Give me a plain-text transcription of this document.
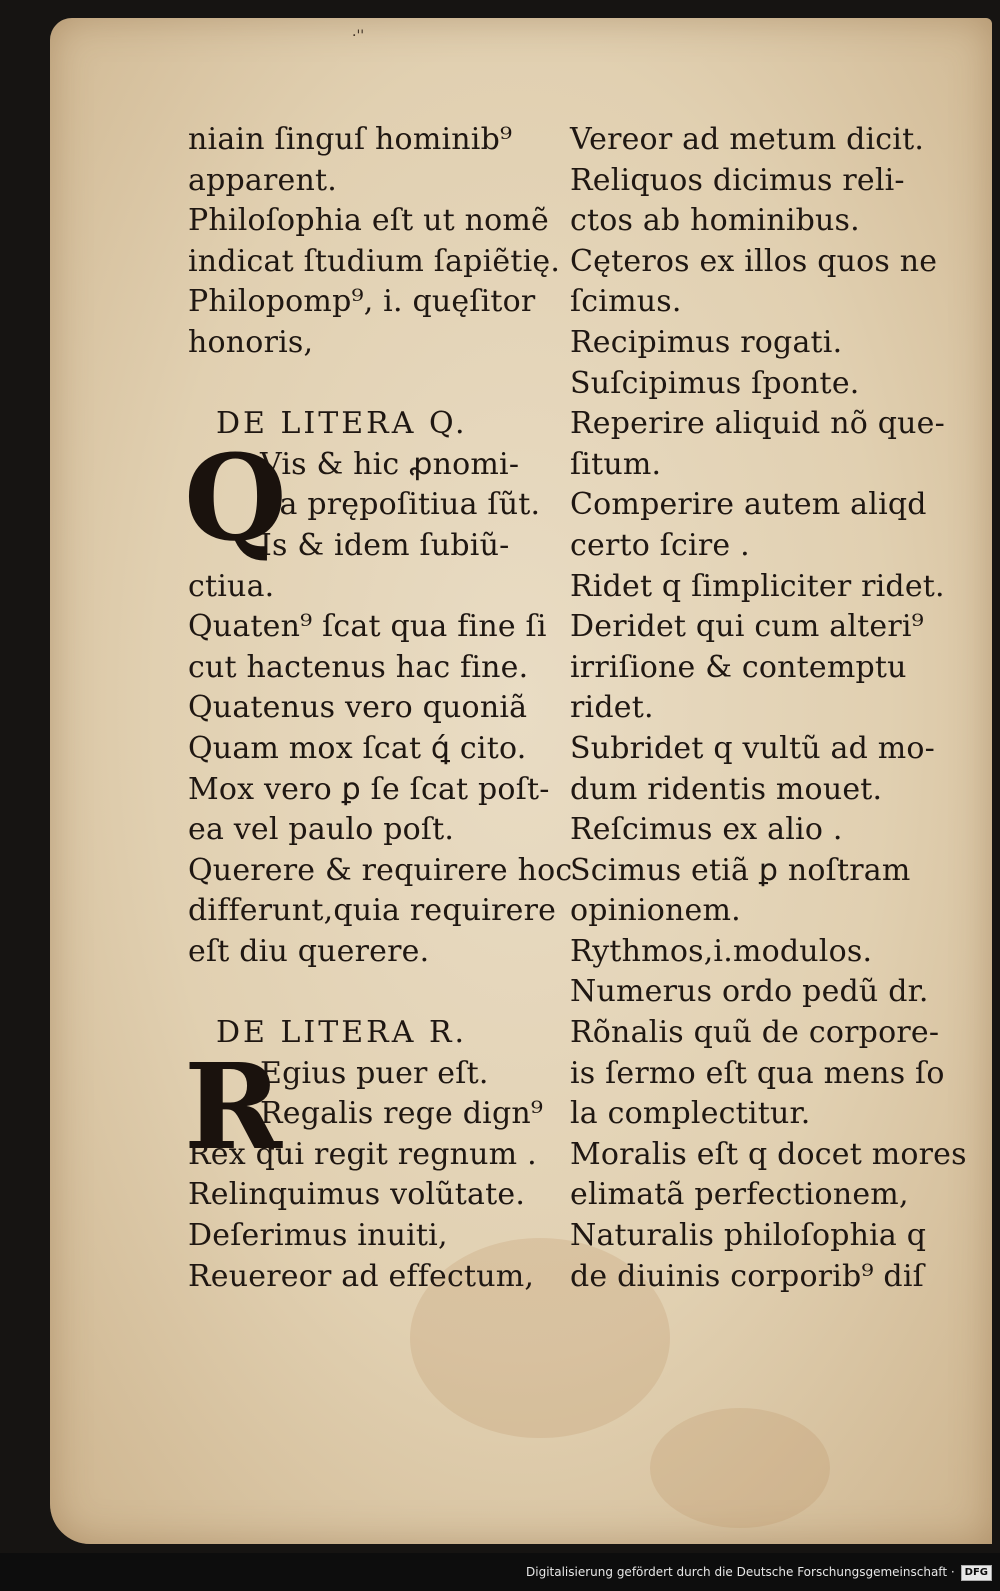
·''
niain ſinguſ hominib⁹
apparent.
Philoſophia eſt ut nomẽ
indicat ſtudium ſapiẽtię.
Philopomp⁹, i. quęſitor
honoris,
DE LITERA Q.
Q
Vis & hic ꝓnomi‑
na prępoſitiua ſũt.
Is & idem ſubiũ‑
ctiua.
Quaten⁹ ſcat qua fine ſi
cut hactenus hac fine.
Quatenus vero quoniã
Quam mox ſcat ꝗ́ cito.
Mox vero ꝑ ſe ſcat poſt‑
ea vel paulo poſt.
Querere & requirere hoc
differunt,quia requirere
eſt diu querere.
DE LITERA R.
R
Egius puer eſt.
Regalis rege dign⁹
Rex qui regit regnum .
Relinquimus volũtate.
Deſerimus inuiti,
Reuereor ad effectum,
Vereor ad metum dicit.
Reliquos dicimus reli‑
ctos ab hominibus.
Cęteros ex illos quos ne
ſcimus.
Recipimus rogati.
Suſcipimus ſponte.
Reperire aliquid nõ que‑
ſitum.
Comperire autem aliqd
certo ſcire .
Ridet q ſimpliciter ridet.
Deridet qui cum alteri⁹
irriſione & contemptu
ridet.
Subridet q vultũ ad mo‑
dum ridentis mouet.
Reſcimus ex alio .
Scimus etiã ꝑ noſtram
opinionem.
Rythmos,i.modulos.
Numerus ordo pedũ dr.
Rõnalis quũ de corpore‑
is ſermo eſt qua mens ſo
la complectitur.
Moralis eſt q docet mores
elimatã perfectionem,
Naturalis philoſophia q
de diuinis corporib⁹ diſ
Digitalisierung gefördert durch die Deutsche Forschungsgemeinschaft · DFG
